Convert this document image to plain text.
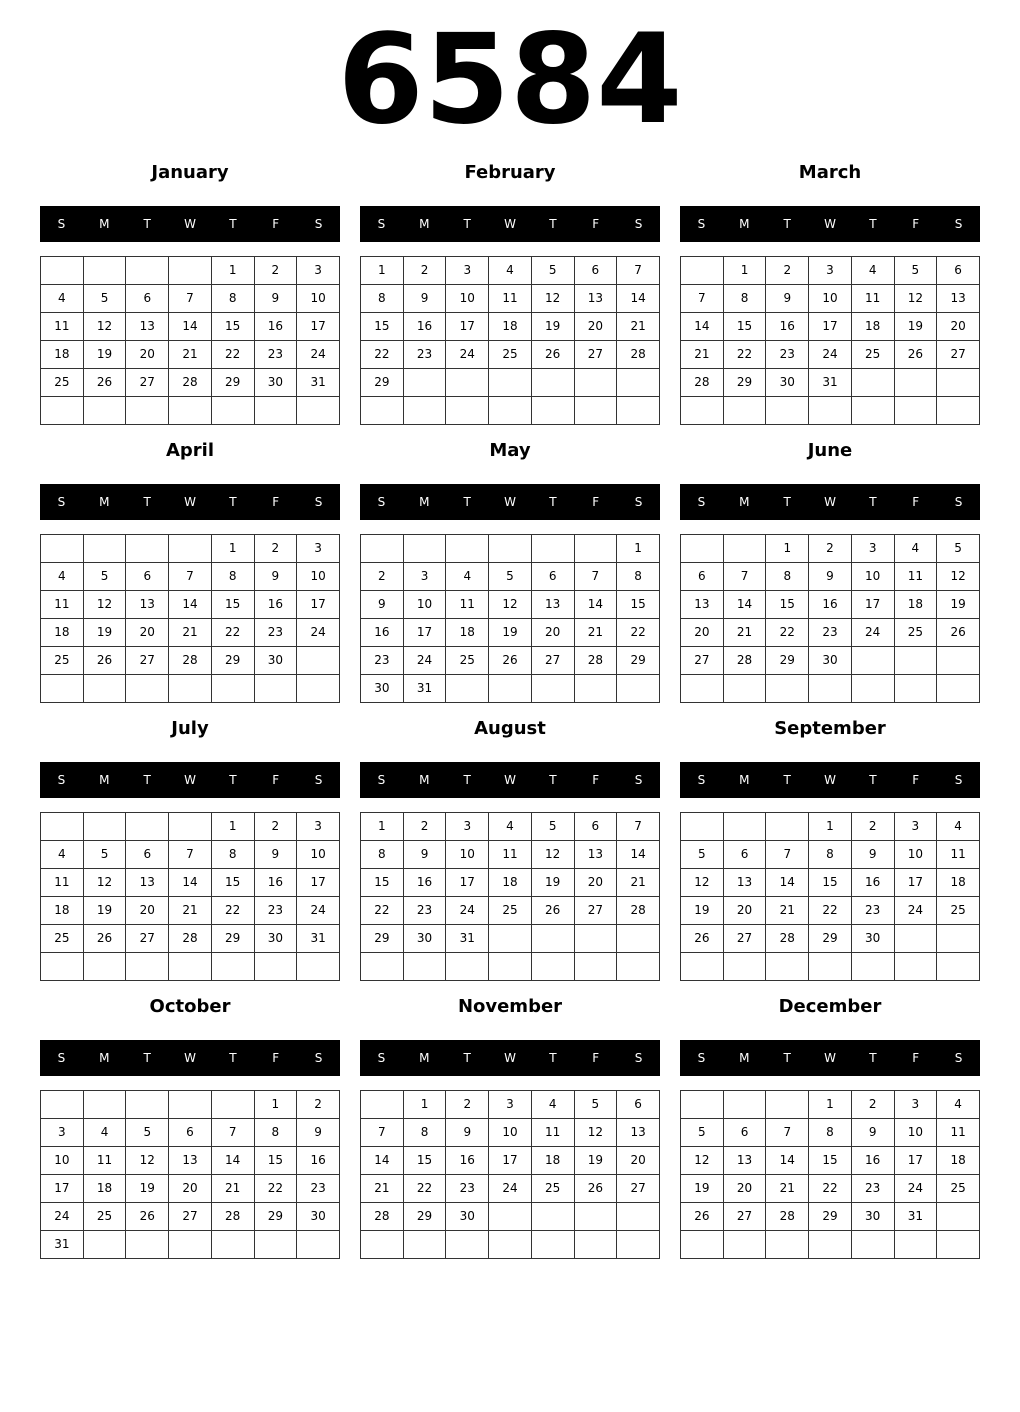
6584
January
S	M	T	W	T	F	S
				1	2	3
4	5	6	7	8	9	10
11	12	13	14	15	16	17
18	19	20	21	22	23	24
25	26	27	28	29	30	31

February
S	M	T	W	T	F	S
1	2	3	4	5	6	7
8	9	10	11	12	13	14
15	16	17	18	19	20	21
22	23	24	25	26	27	28
29						

March
S	M	T	W	T	F	S
	1	2	3	4	5	6
7	8	9	10	11	12	13
14	15	16	17	18	19	20
21	22	23	24	25	26	27
28	29	30	31			

April
S	M	T	W	T	F	S
				1	2	3
4	5	6	7	8	9	10
11	12	13	14	15	16	17
18	19	20	21	22	23	24
25	26	27	28	29	30	

May
S	M	T	W	T	F	S
						1
2	3	4	5	6	7	8
9	10	11	12	13	14	15
16	17	18	19	20	21	22
23	24	25	26	27	28	29
30	31					
June
S	M	T	W	T	F	S
		1	2	3	4	5
6	7	8	9	10	11	12
13	14	15	16	17	18	19
20	21	22	23	24	25	26
27	28	29	30			

July
S	M	T	W	T	F	S
				1	2	3
4	5	6	7	8	9	10
11	12	13	14	15	16	17
18	19	20	21	22	23	24
25	26	27	28	29	30	31

August
S	M	T	W	T	F	S
1	2	3	4	5	6	7
8	9	10	11	12	13	14
15	16	17	18	19	20	21
22	23	24	25	26	27	28
29	30	31				

September
S	M	T	W	T	F	S
			1	2	3	4
5	6	7	8	9	10	11
12	13	14	15	16	17	18
19	20	21	22	23	24	25
26	27	28	29	30		

October
S	M	T	W	T	F	S
					1	2
3	4	5	6	7	8	9
10	11	12	13	14	15	16
17	18	19	20	21	22	23
24	25	26	27	28	29	30
31						
November
S	M	T	W	T	F	S
	1	2	3	4	5	6
7	8	9	10	11	12	13
14	15	16	17	18	19	20
21	22	23	24	25	26	27
28	29	30				

December
S	M	T	W	T	F	S
			1	2	3	4
5	6	7	8	9	10	11
12	13	14	15	16	17	18
19	20	21	22	23	24	25
26	27	28	29	30	31	
